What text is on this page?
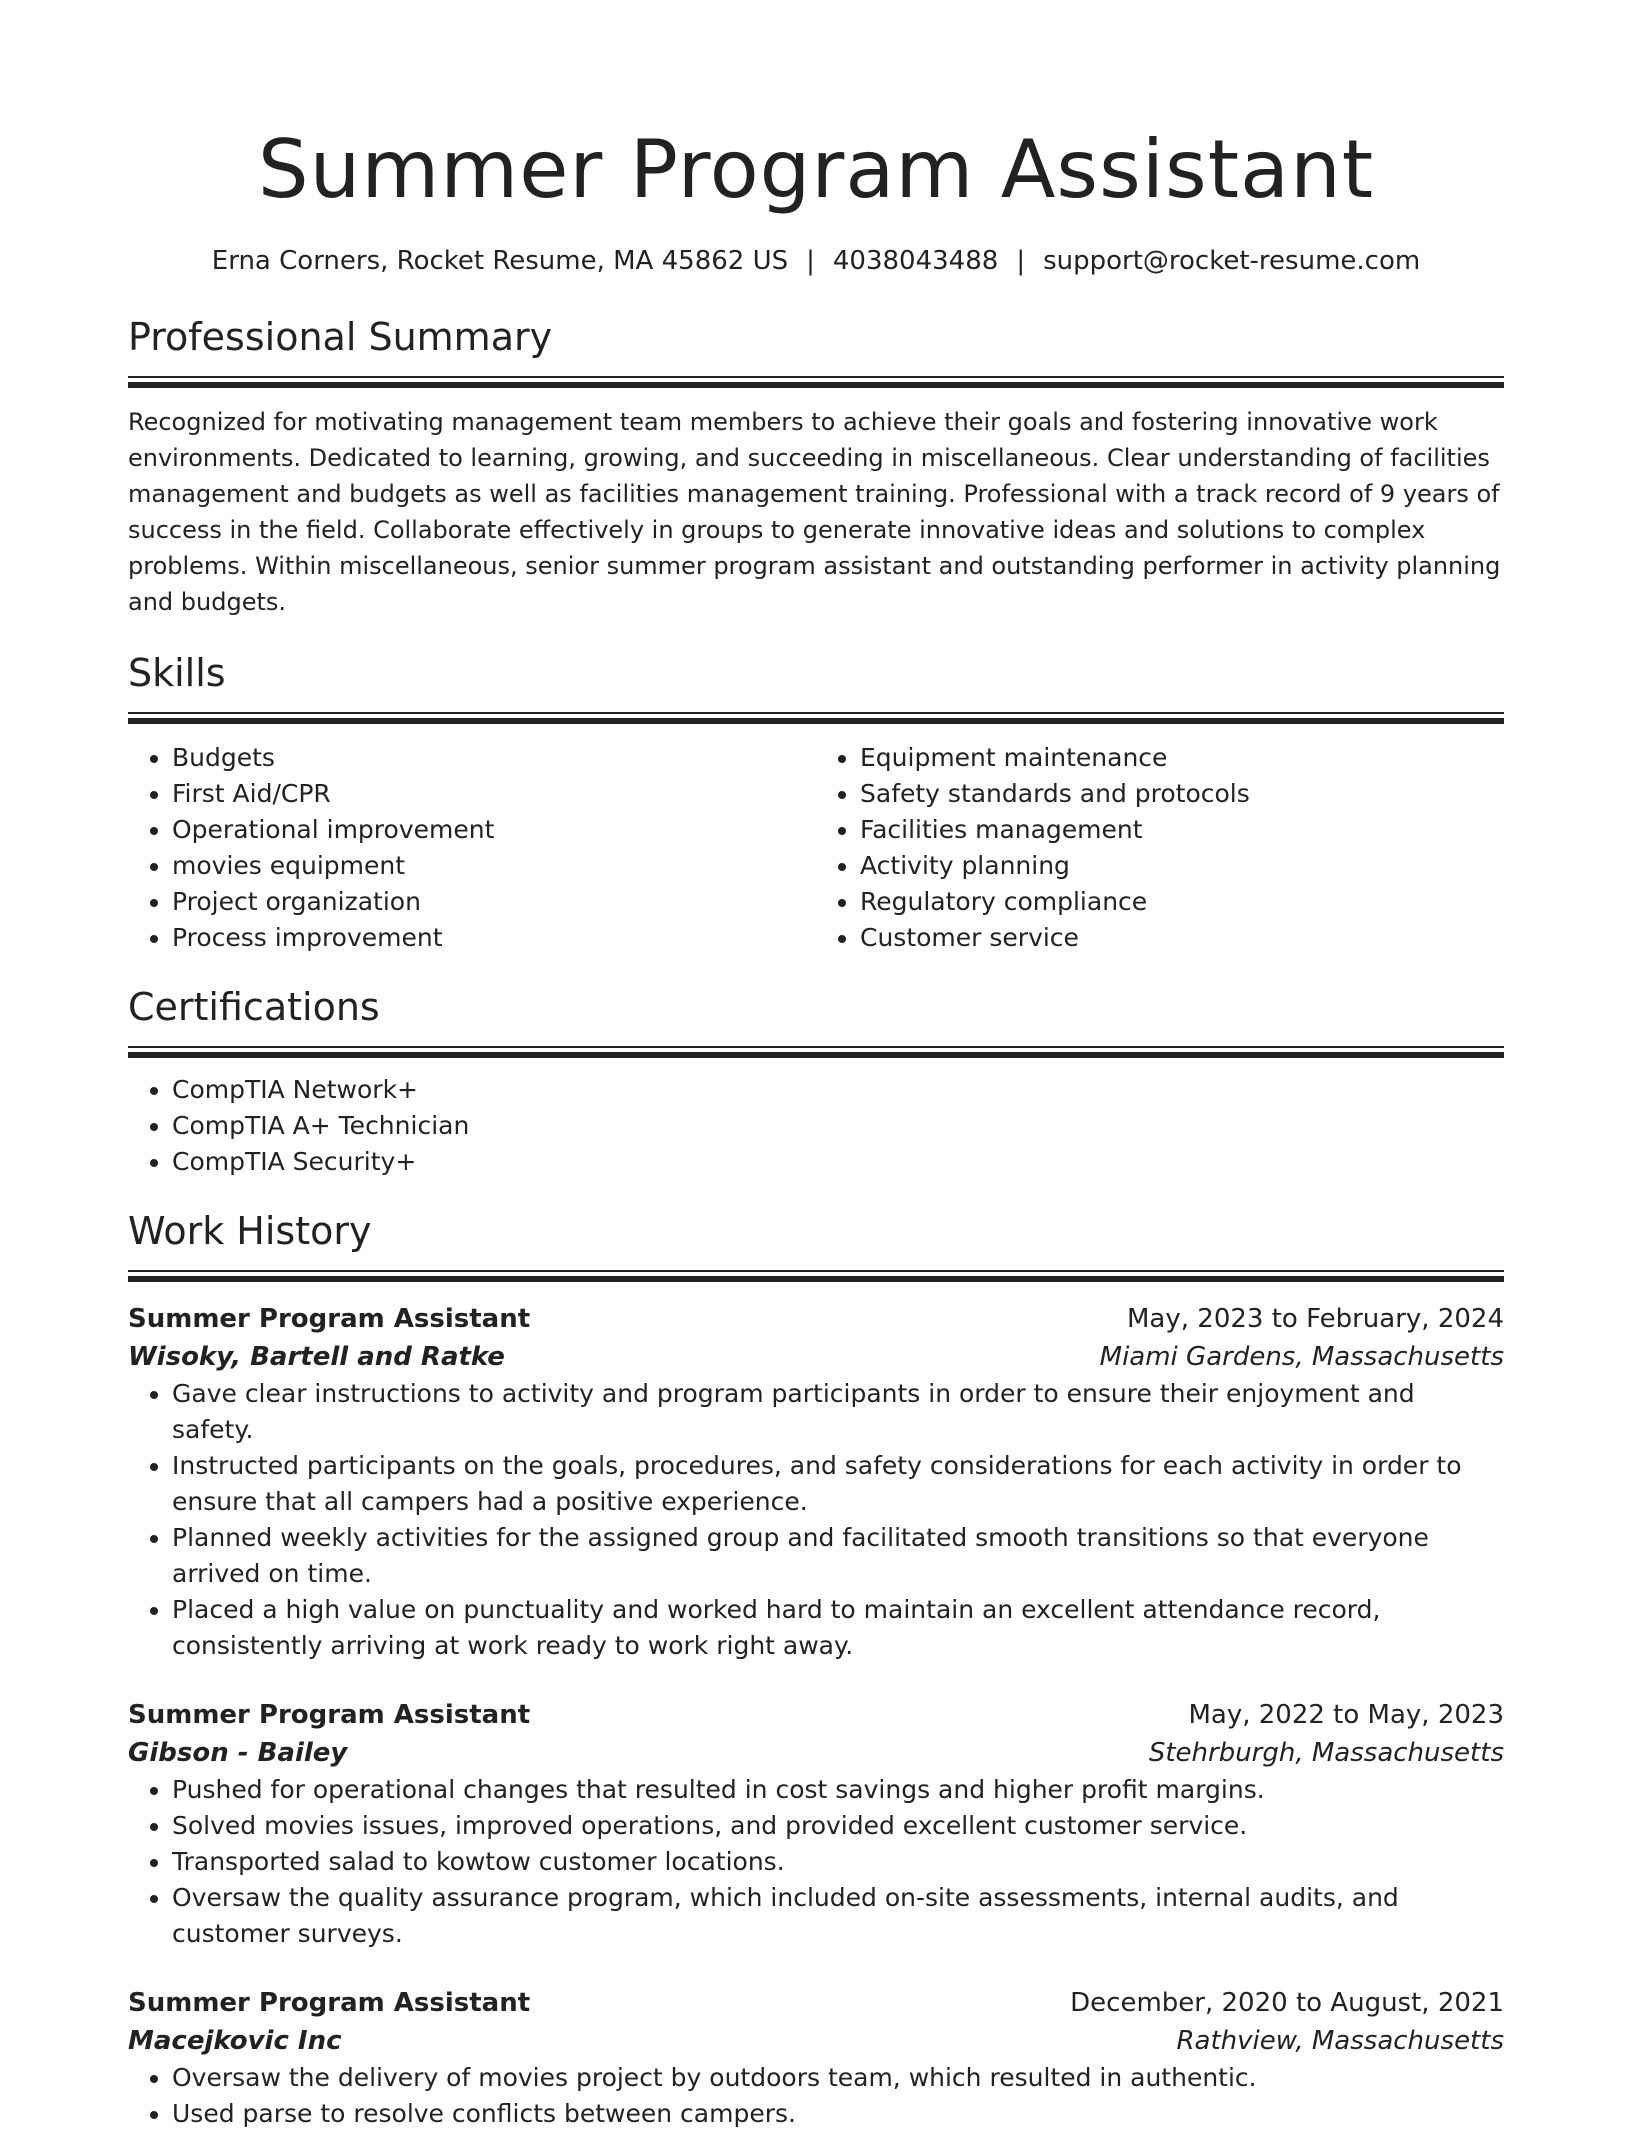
Summer Program Assistant
Erna Corners, Rocket Resume, MA 45862 US | 4038043488 | support@rocket-resume.com
Professional Summary

Recognized for motivating management team members to achieve their goals and fostering innovative work environments. Dedicated to learning, growing, and succeeding in miscellaneous. Clear understanding of facilities management and budgets as well as facilities management training. Professional with a track record of 9 years of success in the field. Collaborate effectively in groups to generate innovative ideas and solutions to complex problems. Within miscellaneous, senior summer program assistant and outstanding performer in activity planning and budgets.

Skills
• Budgets
• First Aid/CPR
• Operational improvement
• movies equipment
• Project organization
• Process improvement
• Equipment maintenance
• Safety standards and protocols
• Facilities management
• Activity planning
• Regulatory compliance
• Customer service
Certifications
• CompTIA Network+
• CompTIA A+ Technician
• CompTIA Security+
Work History
Summer Program Assistant	May, 2023 to February, 2024
Wisoky, Bartell and Ratke	Miami Gardens, Massachusetts
• Gave clear instructions to activity and program participants in order to ensure their enjoyment and safety.
• Instructed participants on the goals, procedures, and safety considerations for each activity in order to ensure that all campers had a positive experience.
• Planned weekly activities for the assigned group and facilitated smooth transitions so that everyone arrived on time.
• Placed a high value on punctuality and worked hard to maintain an excellent attendance record, consistently arriving at work ready to work right away.
Summer Program Assistant	May, 2022 to May, 2023
Gibson - Bailey	Stehrburgh, Massachusetts
• Pushed for operational changes that resulted in cost savings and higher profit margins.
• Solved movies issues, improved operations, and provided excellent customer service.
• Transported salad to kowtow customer locations.
• Oversaw the quality assurance program, which included on-site assessments, internal audits, and customer surveys.
Summer Program Assistant	December, 2020 to August, 2021
Macejkovic Inc	Rathview, Massachusetts
• Oversaw the delivery of movies project by outdoors team, which resulted in authentic.
• Used parse to resolve conflicts between campers.
